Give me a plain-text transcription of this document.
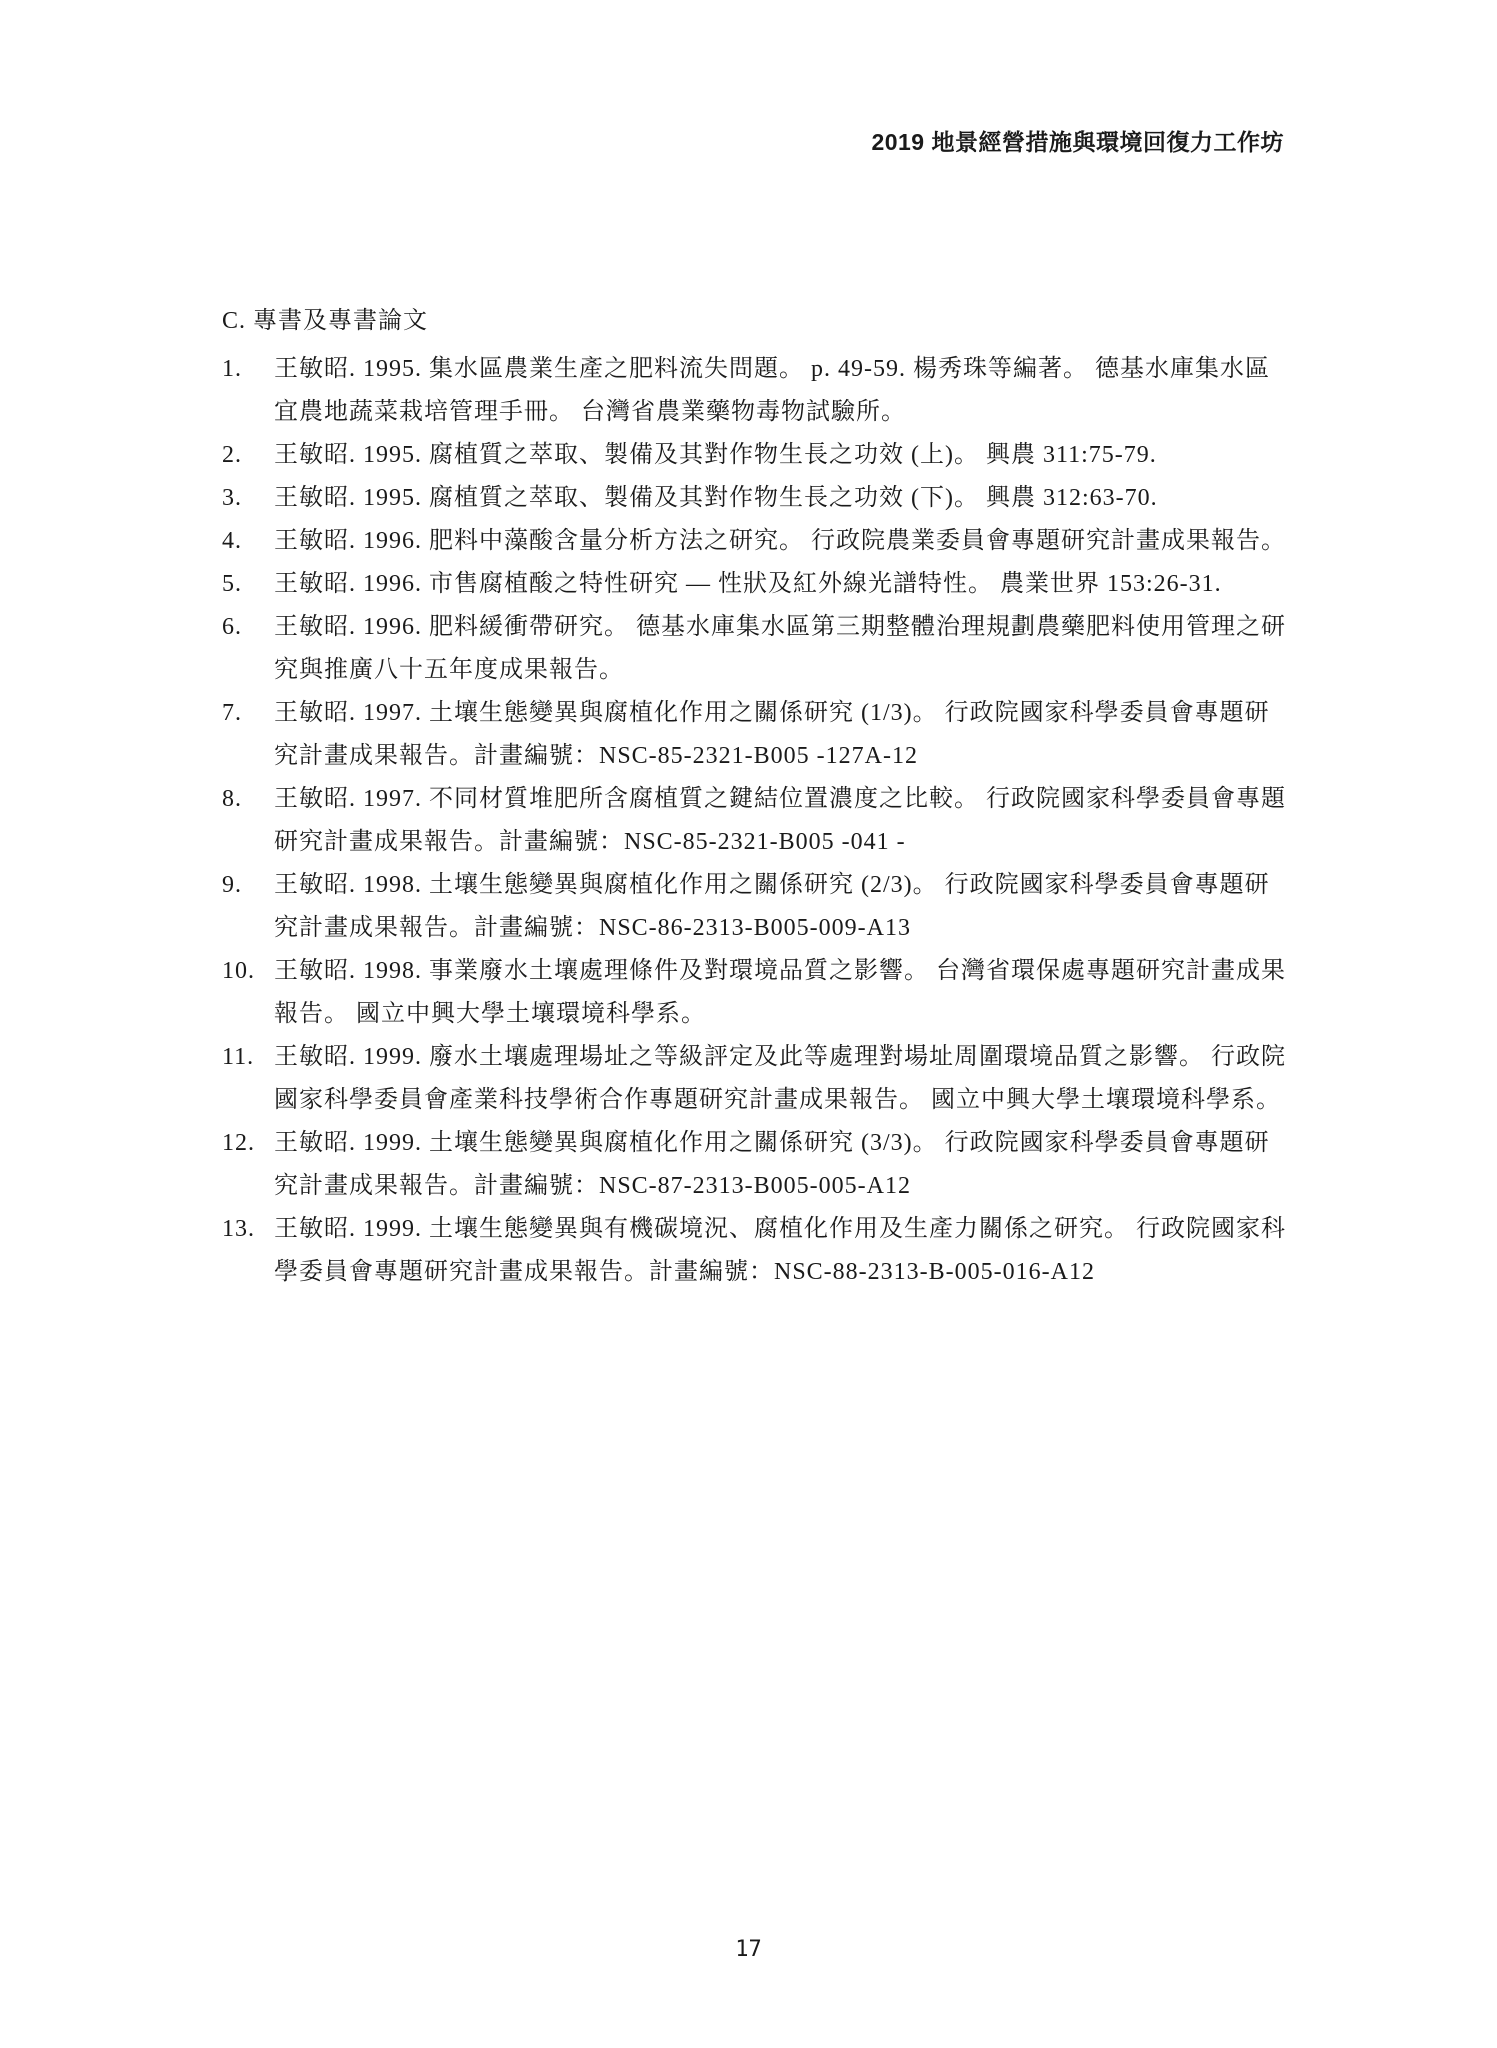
2019 地景經營措施與環境回復力工作坊
C. 專書及專書論文
1.	王敏昭. 1995. 集水區農業生產之肥料流失問題。 p. 49-59. 楊秀珠等編著。 德基水庫集水區宜農地蔬菜栽培管理手冊。 台灣省農業藥物毒物試驗所。
2.	王敏昭. 1995. 腐植質之萃取、製備及其對作物生長之功效 (上)。 興農 311:75-79.
3.	王敏昭. 1995. 腐植質之萃取、製備及其對作物生長之功效 (下)。 興農 312:63-70.
4.	王敏昭. 1996. 肥料中藻酸含量分析方法之研究。 行政院農業委員會專題研究計畫成果報告。
5.	王敏昭. 1996. 市售腐植酸之特性研究 — 性狀及紅外線光譜特性。 農業世界 153:26-31.
6.	王敏昭. 1996. 肥料緩衝帶研究。 德基水庫集水區第三期整體治理規劃農藥肥料使用管理之研究與推廣八十五年度成果報告。
7.	王敏昭. 1997. 土壤生態變異與腐植化作用之關係研究 (1/3)。 行政院國家科學委員會專題研究計畫成果報告。計畫編號：NSC-85-2321-B005 -127A-12
8.	王敏昭. 1997. 不同材質堆肥所含腐植質之鍵結位置濃度之比較。 行政院國家科學委員會專題研究計畫成果報告。計畫編號：NSC-85-2321-B005 -041 -
9.	王敏昭. 1998. 土壤生態變異與腐植化作用之關係研究 (2/3)。 行政院國家科學委員會專題研究計畫成果報告。計畫編號：NSC-86-2313-B005-009-A13
10. 王敏昭. 1998. 事業廢水土壤處理條件及對環境品質之影響。 台灣省環保處專題研究計畫成果報告。 國立中興大學土壤環境科學系。
11. 王敏昭. 1999. 廢水土壤處理場址之等級評定及此等處理對場址周圍環境品質之影響。 行政院國家科學委員會產業科技學術合作專題研究計畫成果報告。 國立中興大學土壤環境科學系。
12. 王敏昭. 1999. 土壤生態變異與腐植化作用之關係研究 (3/3)。 行政院國家科學委員會專題研究計畫成果報告。計畫編號：NSC-87-2313-B005-005-A12
13. 王敏昭. 1999. 土壤生態變異與有機碳境況、腐植化作用及生產力關係之研究。 行政院國家科學委員會專題研究計畫成果報告。計畫編號：NSC-88-2313-B-005-016-A12
17
